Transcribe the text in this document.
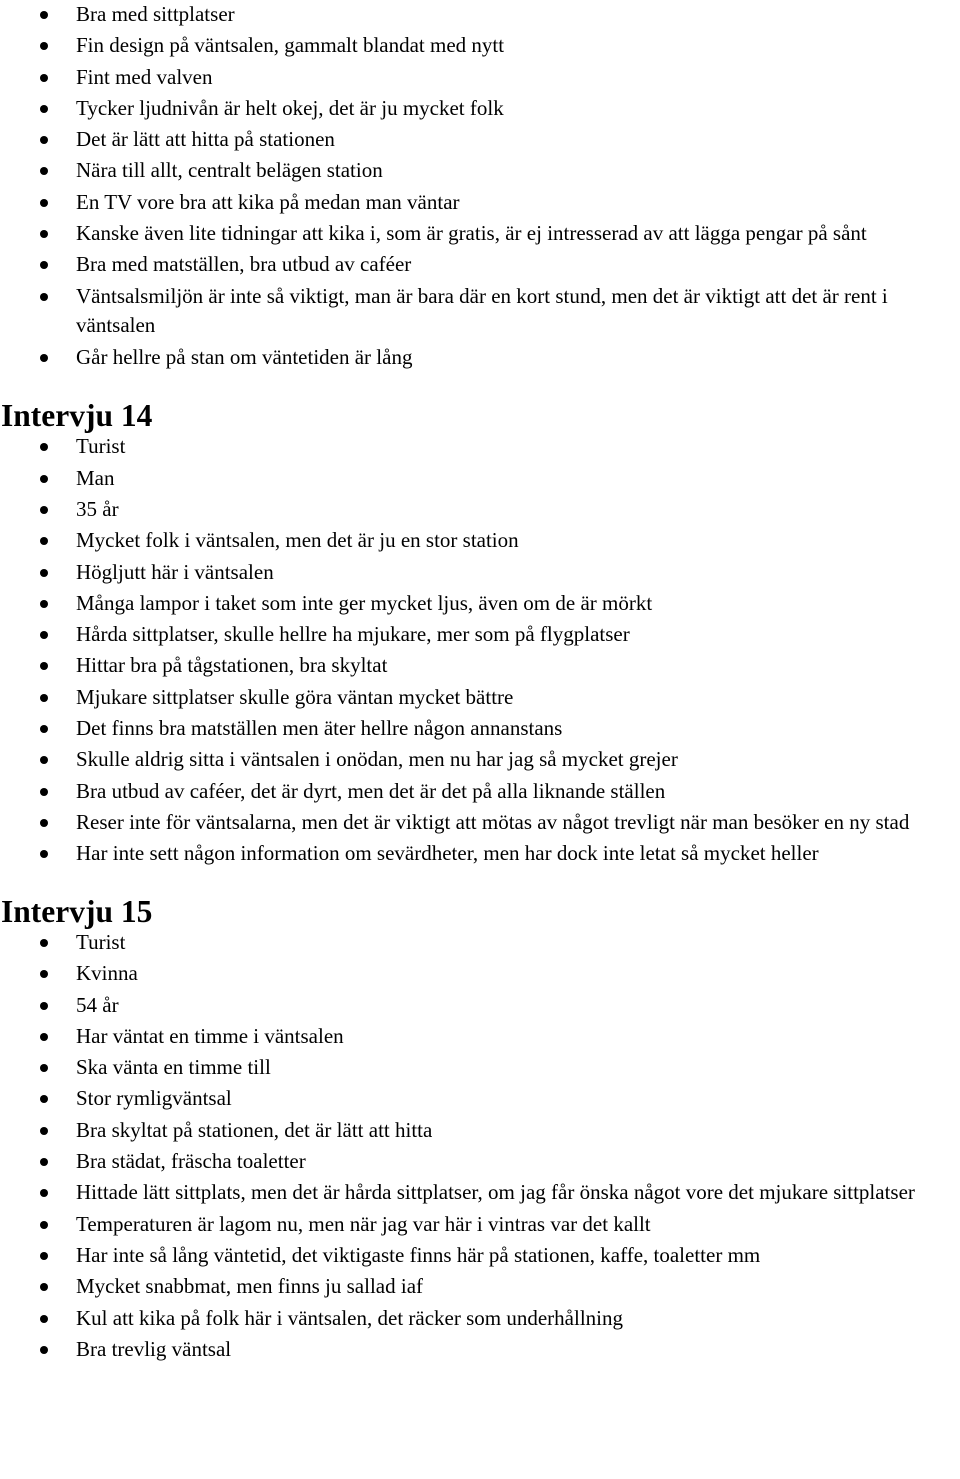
Bra med sittplatser
Fin design på väntsalen, gammalt blandat med nytt
Fint med valven
Tycker ljudnivån är helt okej, det är ju mycket folk
Det är lätt att hitta på stationen
Nära till allt, centralt belägen station
En TV vore bra att kika på medan man väntar
Kanske även lite tidningar att kika i, som är gratis, är ej intresserad av att lägga pengar på sånt
Bra med matställen, bra utbud av caféer
Väntsalsmiljön är inte så viktigt, man är bara där en kort stund, men det är viktigt att det är rent i väntsalen
Går hellre på stan om väntetiden är lång
Intervju 14
Turist
Man
35 år
Mycket folk i väntsalen, men det är ju en stor station
Högljutt här i väntsalen
Många lampor i taket som inte ger mycket ljus, även om de är mörkt
Hårda sittplatser, skulle hellre ha mjukare, mer som på flygplatser
Hittar bra på tågstationen, bra skyltat
Mjukare sittplatser skulle göra väntan mycket bättre
Det finns bra matställen men äter hellre någon annanstans
Skulle aldrig sitta i väntsalen i onödan, men nu har jag så mycket grejer
Bra utbud av caféer, det är dyrt, men det är det på alla liknande ställen
Reser inte för väntsalarna, men det är viktigt att mötas av något trevligt när man besöker en ny stad
Har inte sett någon information om sevärdheter, men har dock inte letat så mycket heller
Intervju 15
Turist
Kvinna
54 år
Har väntat en timme i väntsalen
Ska vänta en timme till
Stor rymligväntsal
Bra skyltat på stationen, det är lätt att hitta
Bra städat, fräscha toaletter
Hittade lätt sittplats, men det är hårda sittplatser, om jag får önska något vore det mjukare sittplatser
Temperaturen är lagom nu, men när jag var här i vintras var det kallt
Har inte så lång väntetid, det viktigaste finns här på stationen, kaffe, toaletter mm
Mycket snabbmat, men finns ju sallad iaf
Kul att kika på folk här i väntsalen, det räcker som underhållning
Bra trevlig väntsal
